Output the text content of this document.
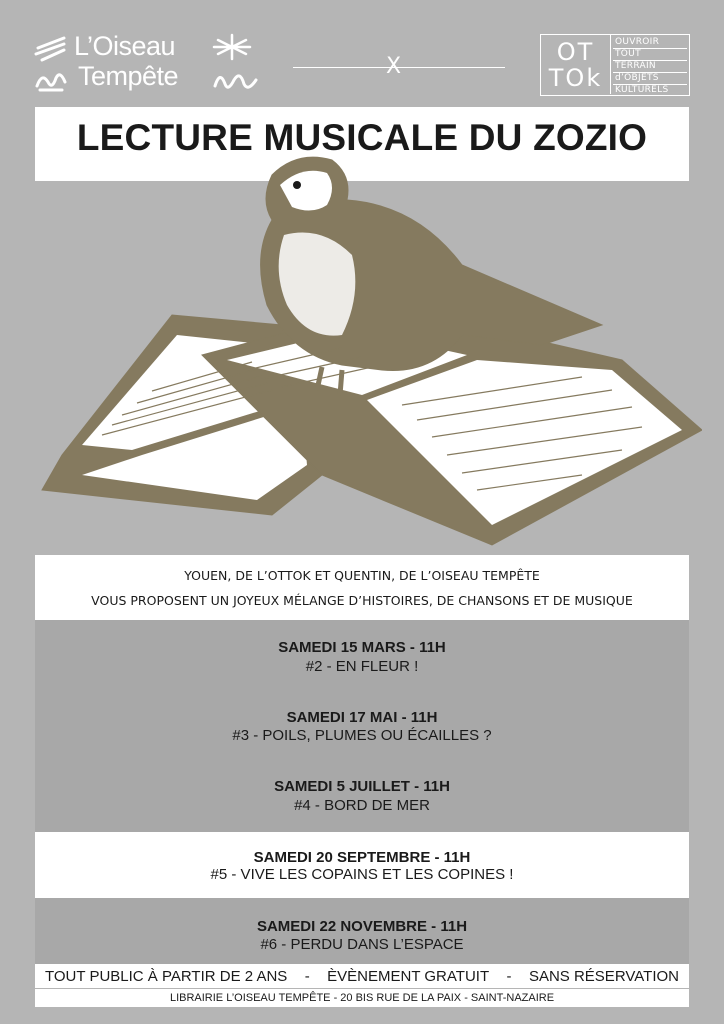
L’Oiseau
Tempête	X
OT
TOk
OUVROIR
TOUT
TERRAIN
d’OBJETS
KULTURELS
LECTURE MUSICALE DU ZOZIO
YOUEN, DE L’OTTOK ET QUENTIN, DE L’OISEAU TEMPÊTE
VOUS PROPOSENT UN JOYEUX MÉLANGE D’HISTOIRES, DE CHANSONS ET DE MUSIQUE
SAMEDI 15 MARS - 11H
#2 - EN FLEUR !
SAMEDI 17 MAI - 11H
#3 - POILS, PLUMES OU ÉCAILLES ?
SAMEDI 5 JUILLET - 11H
#4 - BORD DE MER
SAMEDI 20 SEPTEMBRE - 11H
#5 - VIVE LES COPAINS ET LES COPINES !
SAMEDI 22 NOVEMBRE - 11H
#6 - PERDU DANS L’ESPACE
TOUT PUBLIC À PARTIR DE 2 ANS - ÈVÈNEMENT GRATUIT - SANS RÉSERVATION
LIBRAIRIE L’OISEAU TEMPÊTE - 20 BIS RUE DE LA PAIX - SAINT-NAZAIRE
